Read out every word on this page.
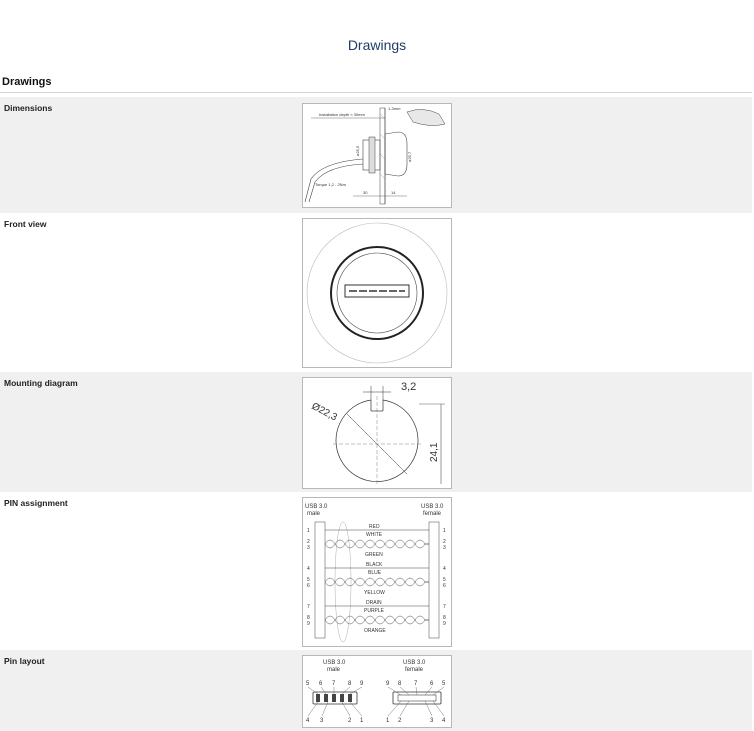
Drawings
Drawings
Dimensions
Installation depth ≈ 30mm
1-3mm
ø25,5
ø25,7
Torque 1,2 - 2Nm
30	14
Front view
Mounting diagram	3,2
Ø22,3
24,1
PIN assignment	USB 3.0
male
USB 3.0
female
1
2
3
4
5
6
7
8
9
1
2
3
4
5
6
7
8
9
RED
WHITE
GREEN
BLACK
BLUE
YELLOW
DRAIN
PURPLE
ORANGE
Pin layout	USB 3.0
male
USB 3.0
female
5 6 7 8 9
4 3	2 1
9 8 7 6 5
1 2	3 4
